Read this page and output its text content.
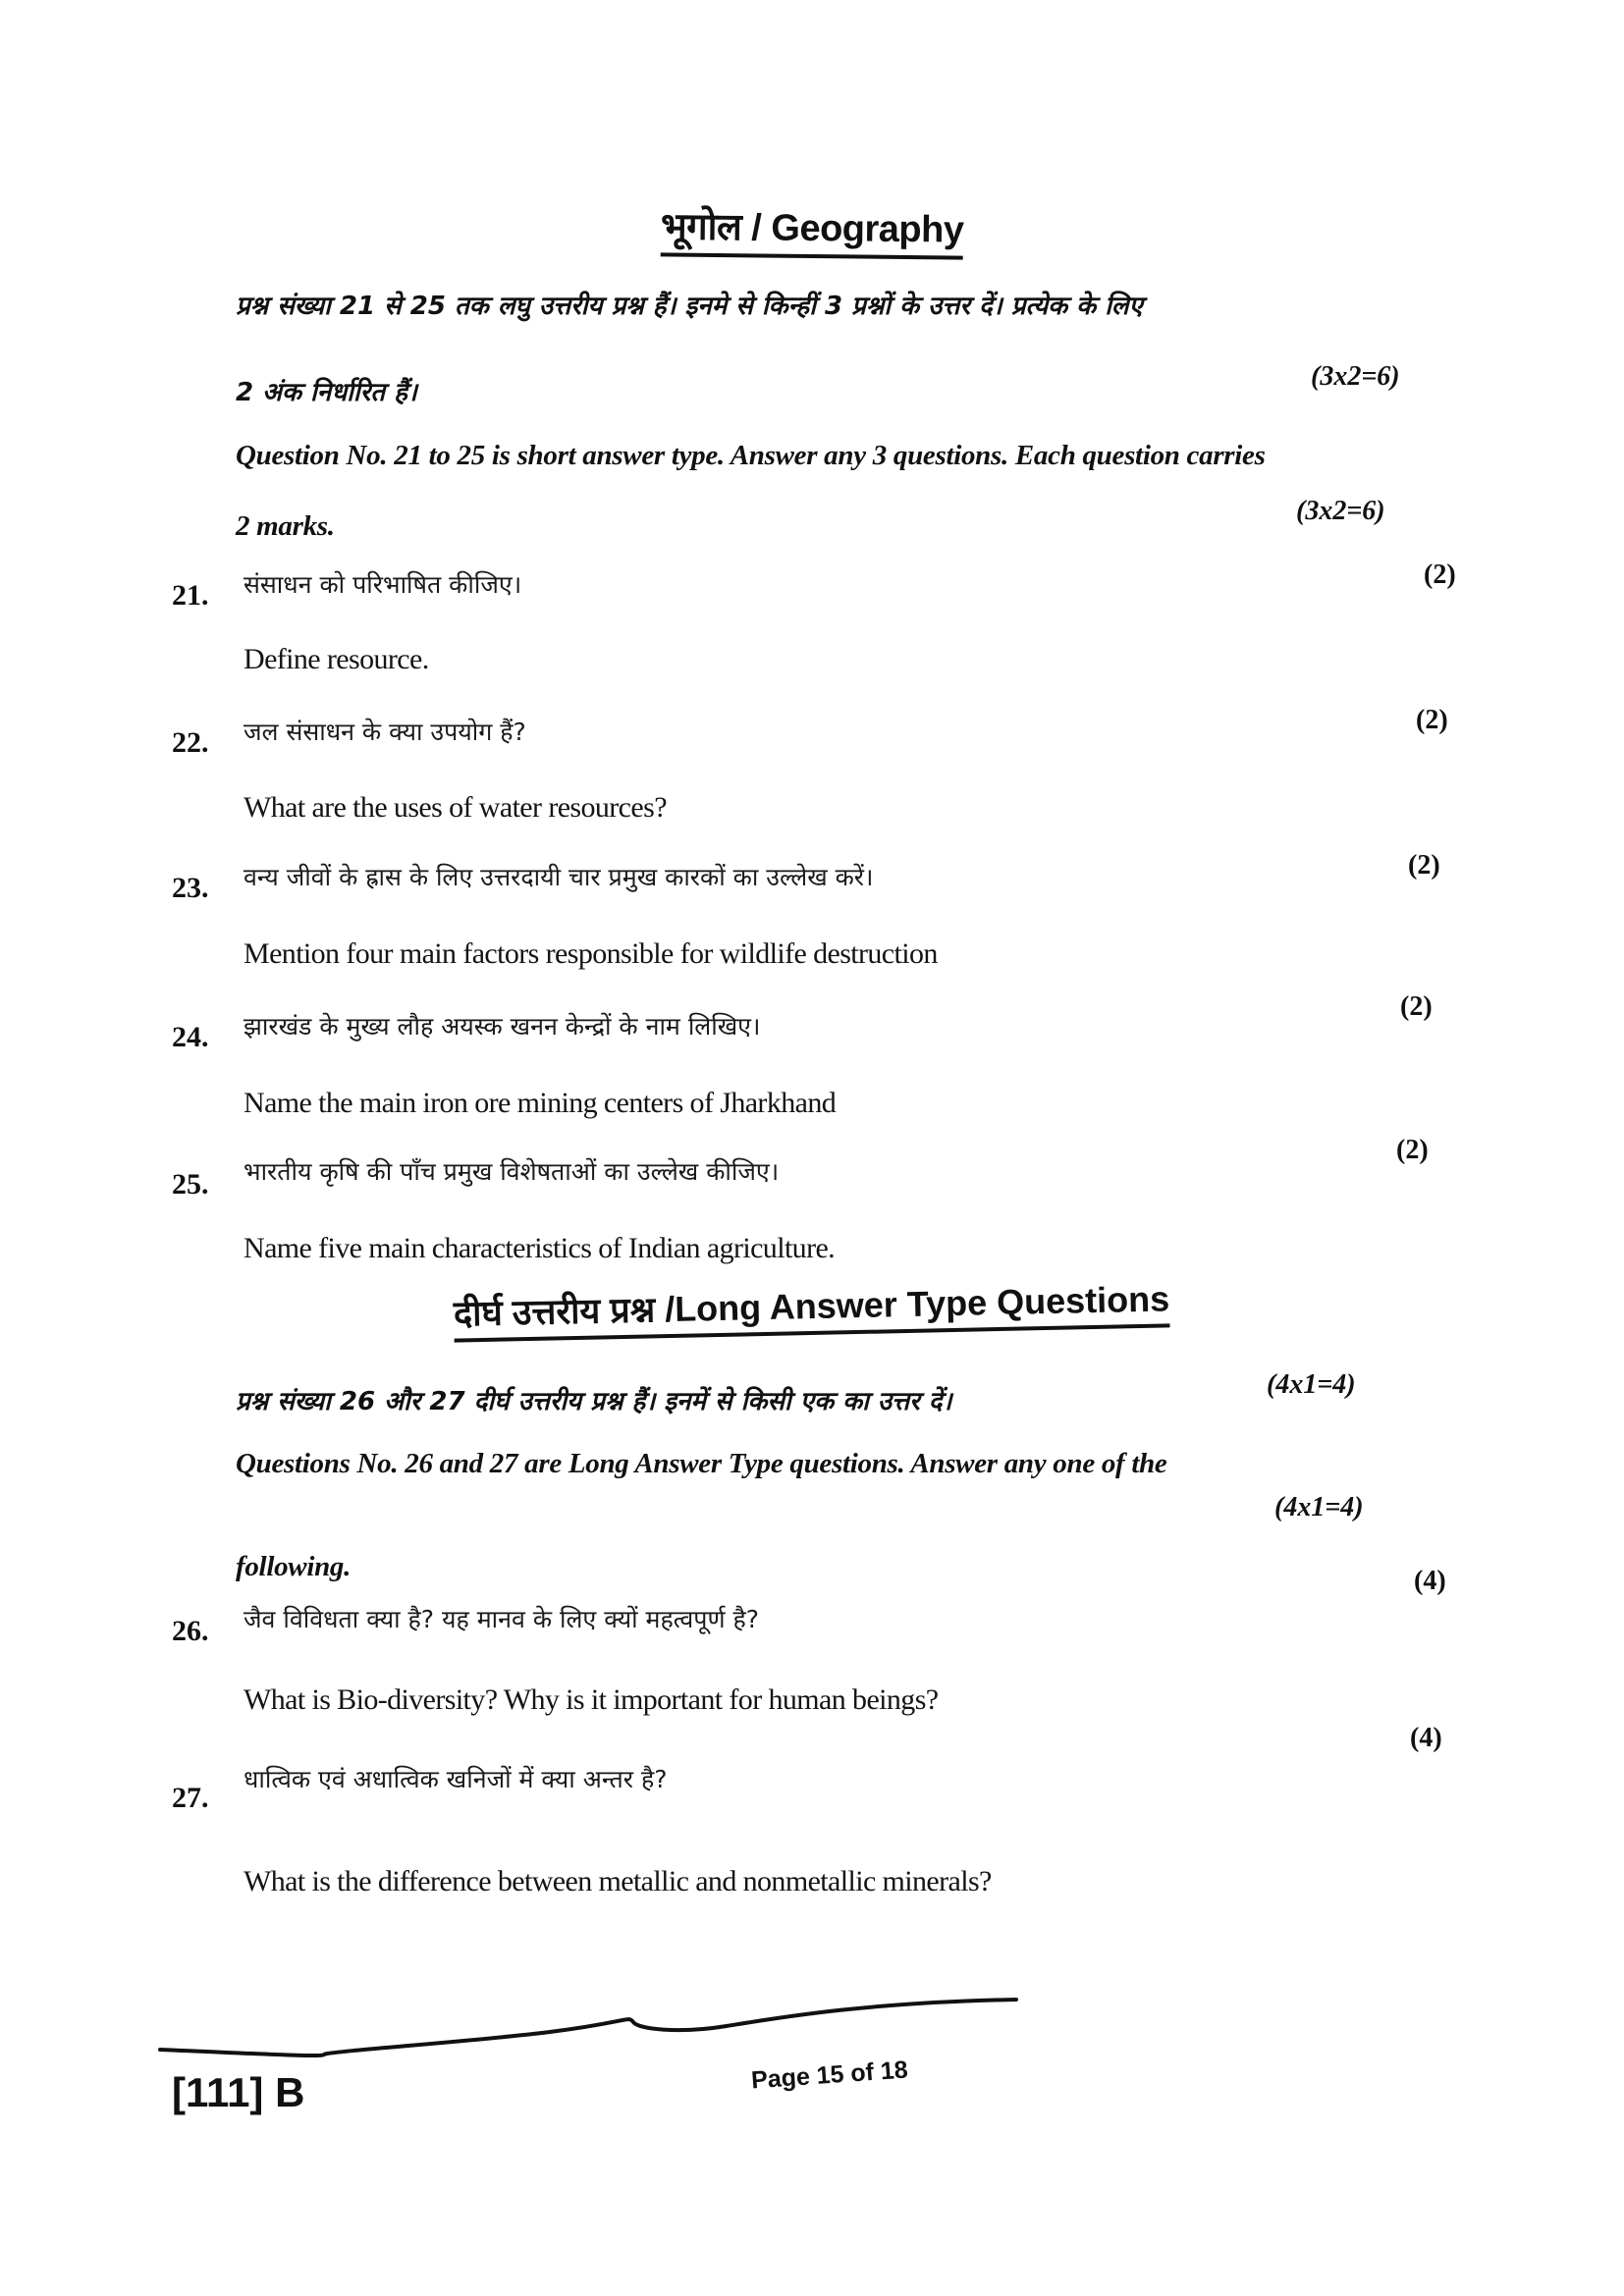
भूगोल / Geography
प्रश्न संख्या 21 से 25 तक लघु उत्तरीय प्रश्न हैं। इनमे से किन्हीं 3 प्रश्नों के उत्तर दें। प्रत्येक के लिए
2 अंक निर्धारित हैं।
(3x2=6)
Question No. 21 to 25 is short answer type. Answer any 3 questions. Each question carries
2 marks.	(3x2=6)
21. संसाधन को परिभाषित कीजिए।
Define resource.
(2)
22. जल संसाधन के क्या उपयोग हैं?
What are the uses of water resources?
(2)
23. वन्य जीवों के ह्रास के लिए उत्तरदायी चार प्रमुख कारकों का उल्लेख करें।
Mention four main factors responsible for wildlife destruction
(2)
24. झारखंड के मुख्य लौह अयस्क खनन केन्द्रों के नाम लिखिए।
Name the main iron ore mining centers of Jharkhand
(2)
25. भारतीय कृषि की पाँच प्रमुख विशेषताओं का उल्लेख कीजिए।
Name five main characteristics of Indian agriculture.
(2)
दीर्घ उत्तरीय प्रश्न /Long Answer Type Questions
प्रश्न संख्या 26 और 27 दीर्घ उत्तरीय प्रश्न हैं। इनमें से किसी एक का उत्तर दें।
(4x1=4)
Questions No. 26 and 27 are Long Answer Type questions. Answer any one of the
(4x1=4)
following.
26. जैव विविधता क्या है? यह मानव के लिए क्यों महत्वपूर्ण है?
What is Bio-diversity? Why is it important for human beings?
(4)
27.
धात्विक एवं अधात्विक खनिजों में क्या अन्तर है?
What is the difference between metallic and nonmetallic minerals?
(4)
[111] B	Page 15 of 18
